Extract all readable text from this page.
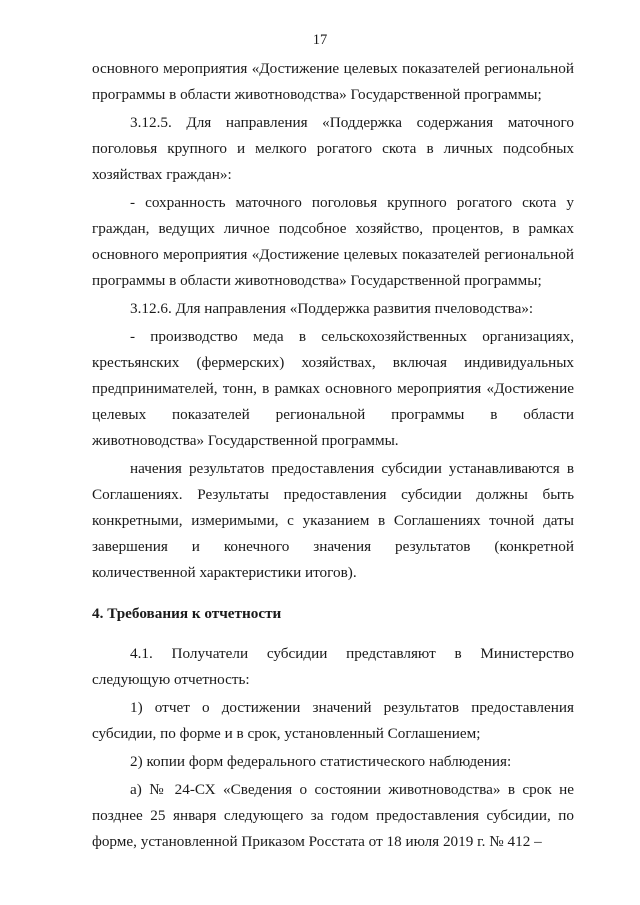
17

основного мероприятия «Достижение целевых показателей региональной программы в области животноводства» Государственной программы;

3.12.5. Для направления «Поддержка содержания маточного поголовья крупного и мелкого рогатого скота в личных подсобных хозяйствах граждан»:

- сохранность маточного поголовья крупного рогатого скота у граждан, ведущих личное подсобное хозяйство, процентов, в рамках основного мероприятия «Достижение целевых показателей региональной программы в области животноводства» Государственной программы;

3.12.6. Для направления «Поддержка развития пчеловодства»:

- производство меда в сельскохозяйственных организациях, крестьянских (фермерских) хозяйствах, включая индивидуальных предпринимателей, тонн, в рамках основного мероприятия «Достижение целевых показателей региональной программы в области животноводства» Государственной программы.

начения результатов предоставления субсидии устанавливаются в Соглашениях. Результаты предоставления субсидии должны быть конкретными, измеримыми, с указанием в Соглашениях точной даты завершения и конечного значения результатов (конкретной количественной характеристики итогов).

4. Требования к отчетности

4.1. Получатели субсидии представляют в Министерство следующую отчетность:

1) отчет о достижении значений результатов предоставления субсидии, по форме и в срок, установленный Соглашением;

2) копии форм федерального статистического наблюдения:

а) № 24-СХ «Сведения о состоянии животноводства» в срок не позднее 25 января следующего за годом предоставления субсидии, по форме, установленной Приказом Росстата от 18 июля 2019 г. № 412 –
